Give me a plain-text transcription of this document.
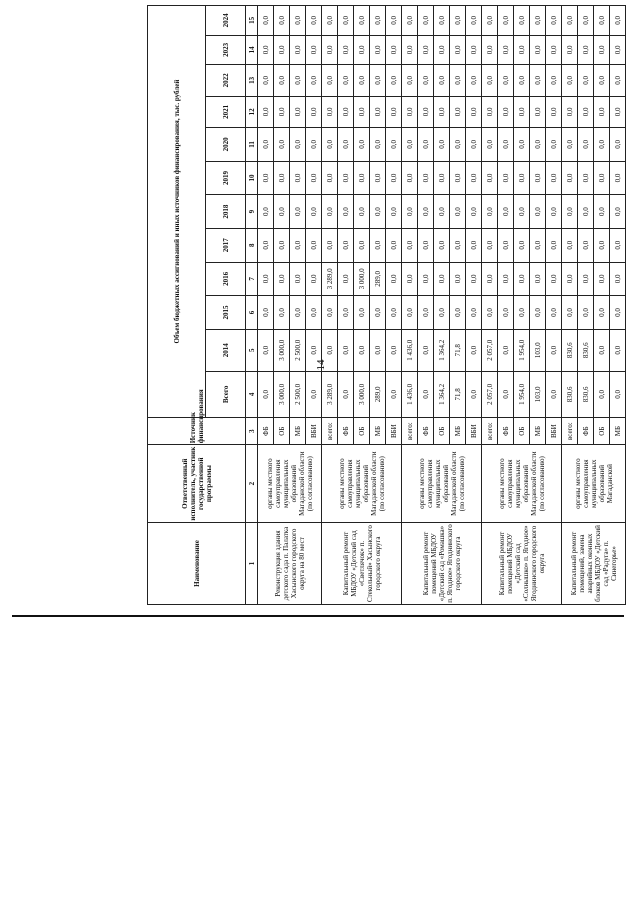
14
Наименование	Ответственный исполнитель, участник государственной программы	Источник финансирования	Объем бюджетных ассигнований и иных источников финансирования, тыс. рублей											
			Всего	2014	2015	2016	2017	2018	2019	2020	2021	2022	2023	2024
1	2	3	4	5	6	7	8	9	10	11	12	13	14	15
Реконструкция здания детского сада п. Палатка Хасынского городского округа на 80 мест	органы местного самоуправления муниципальных образований Магаданской области (по согласованию)	ФБ	0,0	0,0	0,0	0,0	0,0	0,0	0,0	0,0	0,0	0,0	0,0	0,0
		ОБ	3 000,0	3 000,0	0,0	0,0	0,0	0,0	0,0	0,0	0,0	0,0	0,0	0,0
		МБ	2 500,0	2 500,0	0,0	0,0	0,0	0,0	0,0	0,0	0,0	0,0	0,0	0,0
		ВБИ	0,0	0,0	0,0	0,0	0,0	0,0	0,0	0,0	0,0	0,0	0,0	0,0
Капитальный ремонт МБДОУ «Детский сад «Светлячок» п. Стекольный» Хасынского городского округа	органы местного самоуправления муниципальных образований Магаданской области (по согласованию)	всего:	3 289,0	0,0	0,0	3 289,0	0,0	0,0	0,0	0,0	0,0	0,0	0,0	0,0
		ФБ	0,0	0,0	0,0	0,0	0,0	0,0	0,0	0,0	0,0	0,0	0,0	0,0
		ОБ	3 000,0	0,0	0,0	3 000,0	0,0	0,0	0,0	0,0	0,0	0,0	0,0	0,0
		МБ	289,0	0,0	0,0	289,0	0,0	0,0	0,0	0,0	0,0	0,0	0,0	0,0
		ВБИ	0,0	0,0	0,0	0,0	0,0	0,0	0,0	0,0	0,0	0,0	0,0	0,0
Капитальный ремонт помещений МБДОУ «Детский сад «Ромашка» п. Ягодное» Ягоднинского городского округа	органы местного самоуправления муниципальных образований Магаданской области (по согласованию)	всего:	1 436,0	1 436,0	0,0	0,0	0,0	0,0	0,0	0,0	0,0	0,0	0,0	0,0
		ФБ	0,0	0,0	0,0	0,0	0,0	0,0	0,0	0,0	0,0	0,0	0,0	0,0
		ОБ	1 364,2	1 364,2	0,0	0,0	0,0	0,0	0,0	0,0	0,0	0,0	0,0	0,0
		МБ	71,8	71,8	0,0	0,0	0,0	0,0	0,0	0,0	0,0	0,0	0,0	0,0
		ВБИ	0,0	0,0	0,0	0,0	0,0	0,0	0,0	0,0	0,0	0,0	0,0	0,0
Капитальный ремонт помещений МБДОУ «Детский сад «Солнышко» п. Ягодное» Ягоднинского городского округа	органы местного самоуправления муниципальных образований Магаданской области (по согласованию)	всего:	2 057,0	2 057,0	0,0	0,0	0,0	0,0	0,0	0,0	0,0	0,0	0,0	0,0
		ФБ	0,0	0,0	0,0	0,0	0,0	0,0	0,0	0,0	0,0	0,0	0,0	0,0
		ОБ	1 954,0	1 954,0	0,0	0,0	0,0	0,0	0,0	0,0	0,0	0,0	0,0	0,0
		МБ	103,0	103,0	0,0	0,0	0,0	0,0	0,0	0,0	0,0	0,0	0,0	0,0
		ВБИ	0,0	0,0	0,0	0,0	0,0	0,0	0,0	0,0	0,0	0,0	0,0	0,0
Капитальный ремонт помещений, замена аварийных оконных блоков МБДОУ «Детский сад «Радуга» п. Синегорье»	органы местного самоуправления муниципальных образований Магаданской	всего:	830,6	830,6	0,0	0,0	0,0	0,0	0,0	0,0	0,0	0,0	0,0	0,0
		ФБ	830,6	830,6	0,0	0,0	0,0	0,0	0,0	0,0	0,0	0,0	0,0	0,0
		ОБ	0,0	0,0	0,0	0,0	0,0	0,0	0,0	0,0	0,0	0,0	0,0	0,0
		МБ	0,0	0,0	0,0	0,0	0,0	0,0	0,0	0,0	0,0	0,0	0,0	0,0
